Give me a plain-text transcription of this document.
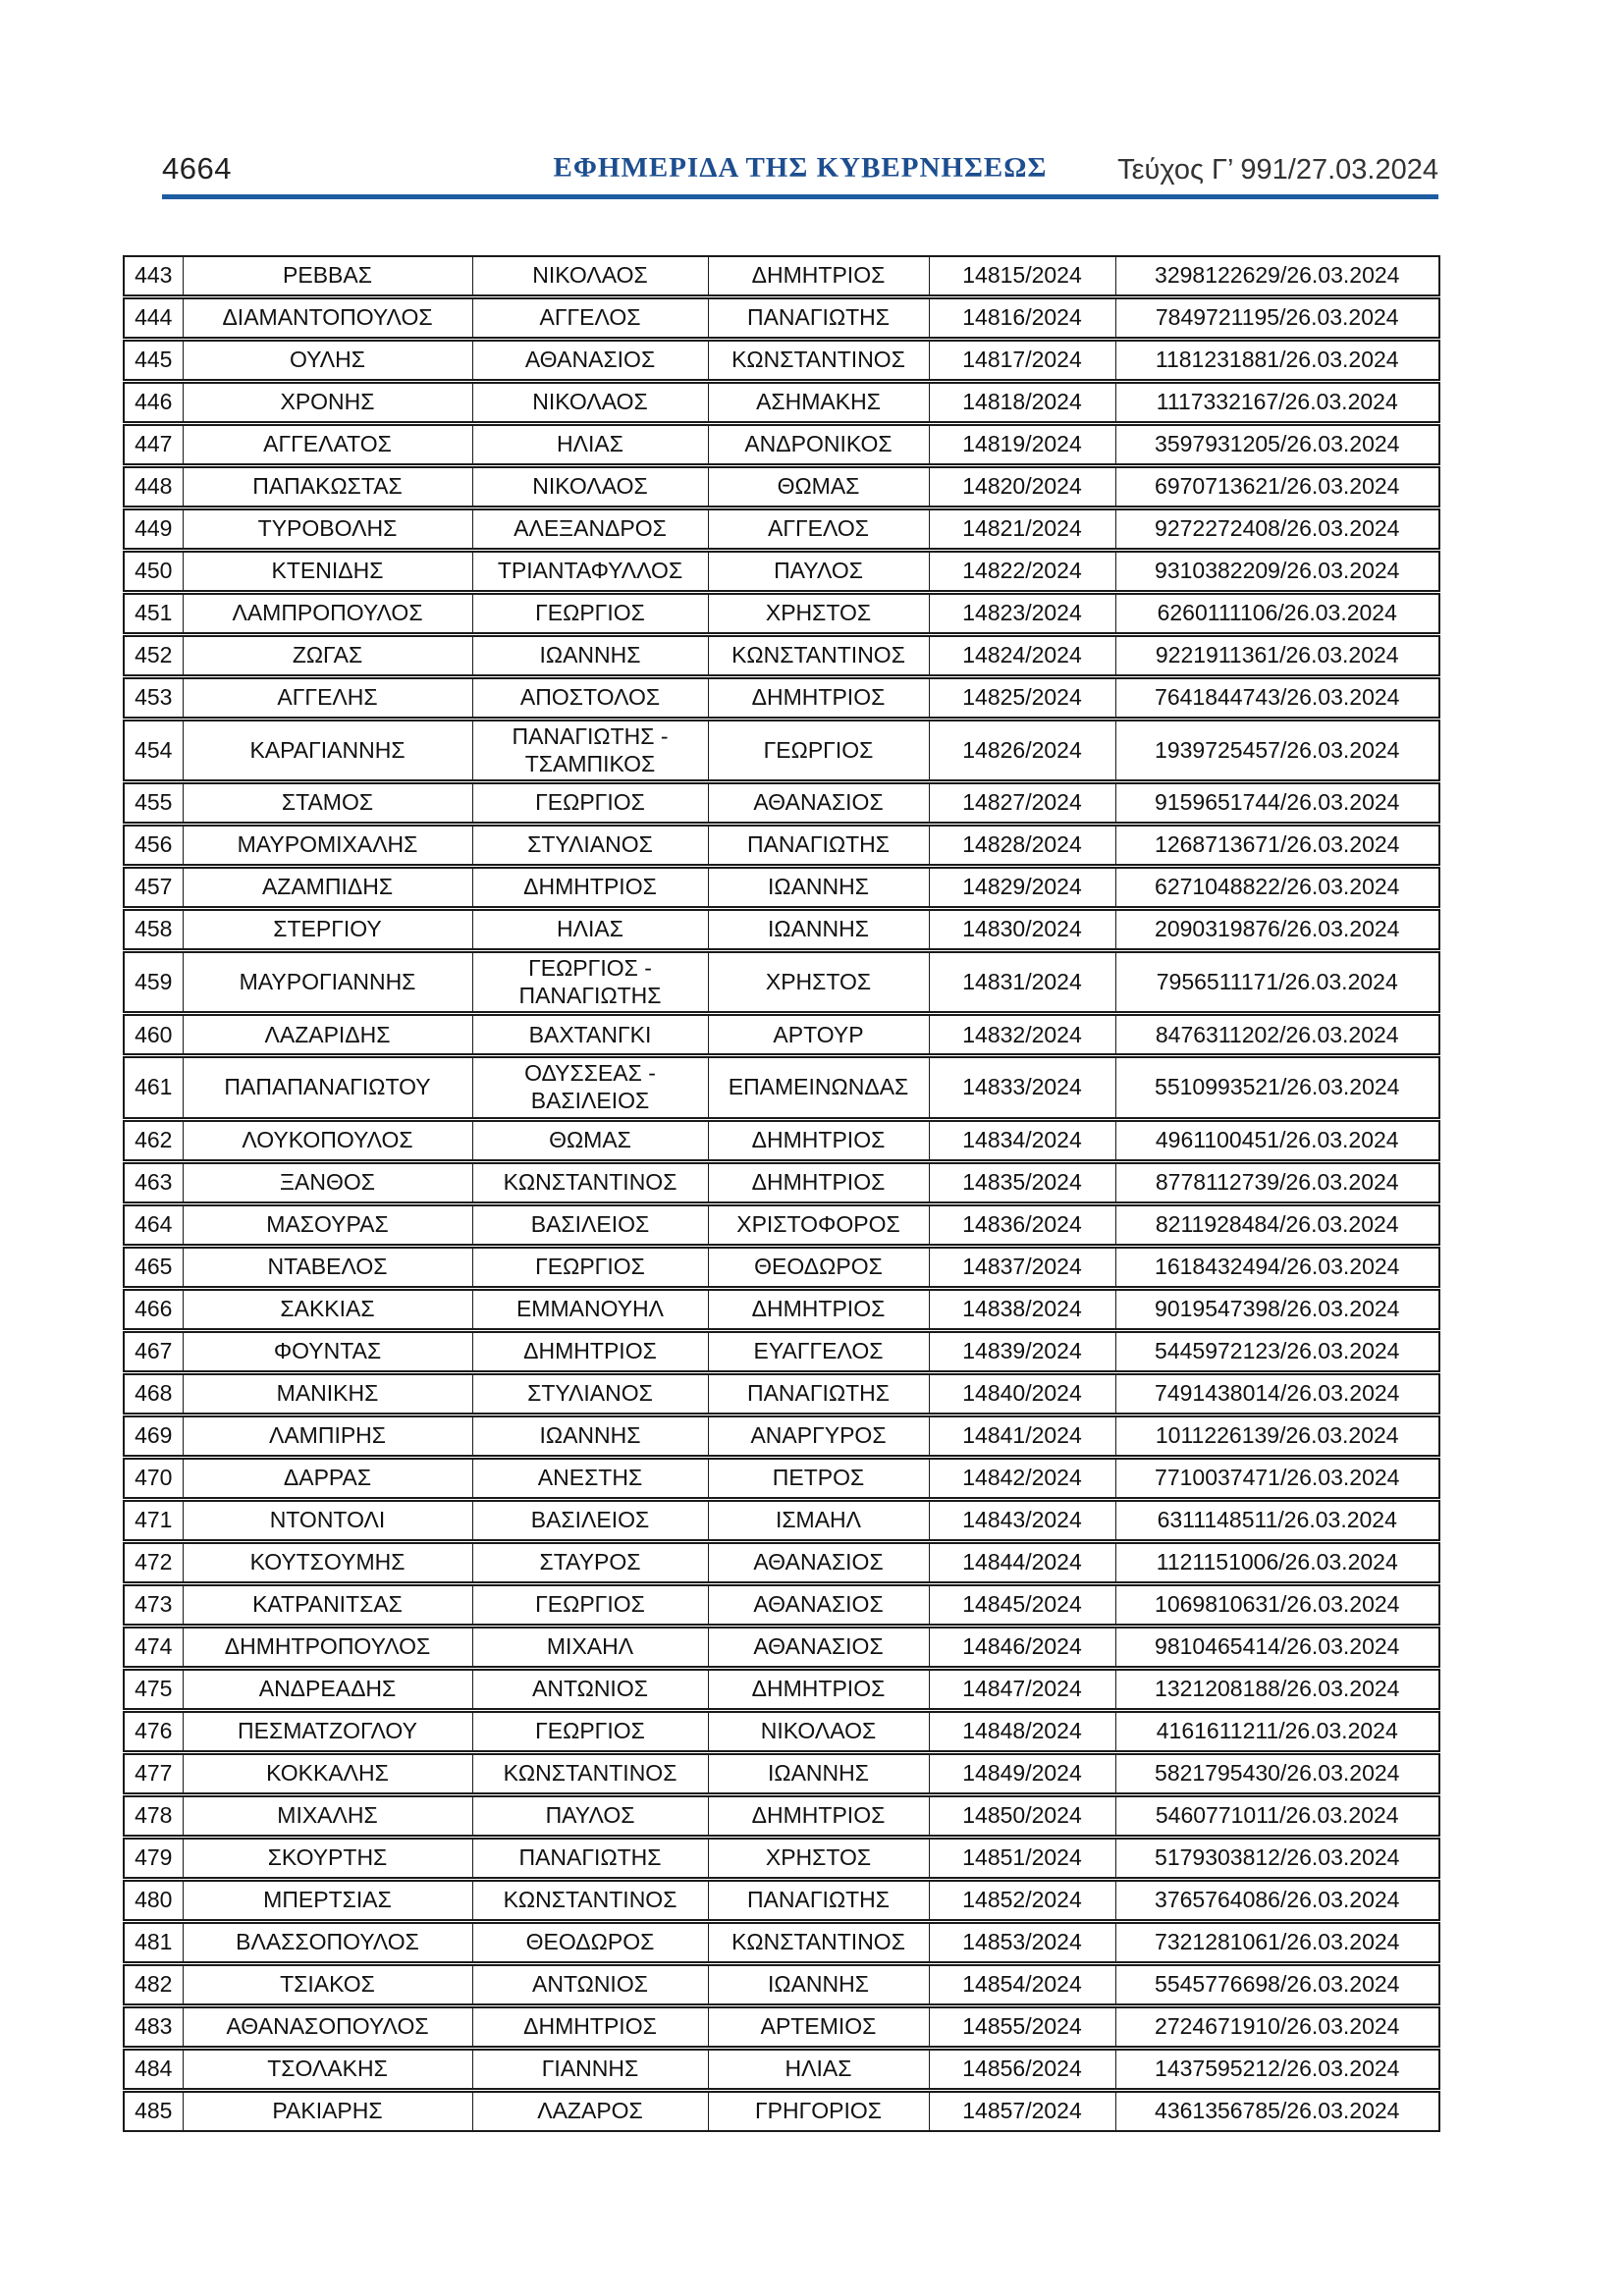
4664	ΕΦΗΜΕΡΙΔΑ ΤΗΣ ΚΥΒΕΡΝΗΣΕΩΣ	Τεύχος Γ’ 991/27.03.2024
443	ΡΕΒΒΑΣ	ΝΙΚΟΛΑΟΣ	ΔΗΜΗΤΡΙΟΣ	14815/2024	3298122629/26.03.2024
444	ΔΙΑΜΑΝΤΟΠΟΥΛΟΣ	ΑΓΓΕΛΟΣ	ΠΑΝΑΓΙΩΤΗΣ	14816/2024	7849721195/26.03.2024
445	ΟΥΛΗΣ	ΑΘΑΝΑΣΙΟΣ	ΚΩΝΣΤΑΝΤΙΝΟΣ	14817/2024	1181231881/26.03.2024
446	ΧΡΟΝΗΣ	ΝΙΚΟΛΑΟΣ	ΑΣΗΜΑΚΗΣ	14818/2024	1117332167/26.03.2024
447	ΑΓΓΕΛΑΤΟΣ	ΗΛΙΑΣ	ΑΝΔΡΟΝΙΚΟΣ	14819/2024	3597931205/26.03.2024
448	ΠΑΠΑΚΩΣΤΑΣ	ΝΙΚΟΛΑΟΣ	ΘΩΜΑΣ	14820/2024	6970713621/26.03.2024
449	ΤΥΡΟΒΟΛΗΣ	ΑΛΕΞΑΝΔΡΟΣ	ΑΓΓΕΛΟΣ	14821/2024	9272272408/26.03.2024
450	ΚΤΕΝΙΔΗΣ	ΤΡΙΑΝΤΑΦΥΛΛΟΣ	ΠΑΥΛΟΣ	14822/2024	9310382209/26.03.2024
451	ΛΑΜΠΡΟΠΟΥΛΟΣ	ΓΕΩΡΓΙΟΣ	ΧΡΗΣΤΟΣ	14823/2024	6260111106/26.03.2024
452	ΖΩΓΑΣ	ΙΩΑΝΝΗΣ	ΚΩΝΣΤΑΝΤΙΝΟΣ	14824/2024	9221911361/26.03.2024
453	ΑΓΓΕΛΗΣ	ΑΠΟΣΤΟΛΟΣ	ΔΗΜΗΤΡΙΟΣ	14825/2024	7641844743/26.03.2024
454	ΚΑΡΑΓΙΑΝΝΗΣ	ΠΑΝΑΓΙΩΤΗΣ - ΤΣΑΜΠΙΚΟΣ	ΓΕΩΡΓΙΟΣ	14826/2024	1939725457/26.03.2024
455	ΣΤΑΜΟΣ	ΓΕΩΡΓΙΟΣ	ΑΘΑΝΑΣΙΟΣ	14827/2024	9159651744/26.03.2024
456	ΜΑΥΡΟΜΙΧΑΛΗΣ	ΣΤΥΛΙΑΝΟΣ	ΠΑΝΑΓΙΩΤΗΣ	14828/2024	1268713671/26.03.2024
457	ΑΖΑΜΠΙΔΗΣ	ΔΗΜΗΤΡΙΟΣ	ΙΩΑΝΝΗΣ	14829/2024	6271048822/26.03.2024
458	ΣΤΕΡΓΙΟΥ	ΗΛΙΑΣ	ΙΩΑΝΝΗΣ	14830/2024	2090319876/26.03.2024
459	ΜΑΥΡΟΓΙΑΝΝΗΣ	ΓΕΩΡΓΙΟΣ - ΠΑΝΑΓΙΩΤΗΣ	ΧΡΗΣΤΟΣ	14831/2024	7956511171/26.03.2024
460	ΛΑΖΑΡΙΔΗΣ	ΒΑΧΤΑΝΓΚΙ	ΑΡΤΟΥΡ	14832/2024	8476311202/26.03.2024
461	ΠΑΠΑΠΑΝΑΓΙΩΤΟΥ	ΟΔΥΣΣΕΑΣ - ΒΑΣΙΛΕΙΟΣ	ΕΠΑΜΕΙΝΩΝΔΑΣ	14833/2024	5510993521/26.03.2024
462	ΛΟΥΚΟΠΟΥΛΟΣ	ΘΩΜΑΣ	ΔΗΜΗΤΡΙΟΣ	14834/2024	4961100451/26.03.2024
463	ΞΑΝΘΟΣ	ΚΩΝΣΤΑΝΤΙΝΟΣ	ΔΗΜΗΤΡΙΟΣ	14835/2024	8778112739/26.03.2024
464	ΜΑΣΟΥΡΑΣ	ΒΑΣΙΛΕΙΟΣ	ΧΡΙΣΤΟΦΟΡΟΣ	14836/2024	8211928484/26.03.2024
465	ΝΤΑΒΕΛΟΣ	ΓΕΩΡΓΙΟΣ	ΘΕΟΔΩΡΟΣ	14837/2024	1618432494/26.03.2024
466	ΣΑΚΚΙΑΣ	ΕΜΜΑΝΟΥΗΛ	ΔΗΜΗΤΡΙΟΣ	14838/2024	9019547398/26.03.2024
467	ΦΟΥΝΤΑΣ	ΔΗΜΗΤΡΙΟΣ	ΕΥΑΓΓΕΛΟΣ	14839/2024	5445972123/26.03.2024
468	ΜΑΝΙΚΗΣ	ΣΤΥΛΙΑΝΟΣ	ΠΑΝΑΓΙΩΤΗΣ	14840/2024	7491438014/26.03.2024
469	ΛΑΜΠΙΡΗΣ	ΙΩΑΝΝΗΣ	ΑΝΑΡΓΥΡΟΣ	14841/2024	1011226139/26.03.2024
470	ΔΑΡΡΑΣ	ΑΝΕΣΤΗΣ	ΠΕΤΡΟΣ	14842/2024	7710037471/26.03.2024
471	ΝΤΟΝΤΟΛΙ	ΒΑΣΙΛΕΙΟΣ	ΙΣΜΑΗΛ	14843/2024	6311148511/26.03.2024
472	ΚΟΥΤΣΟΥΜΗΣ	ΣΤΑΥΡΟΣ	ΑΘΑΝΑΣΙΟΣ	14844/2024	1121151006/26.03.2024
473	ΚΑΤΡΑΝΙΤΣΑΣ	ΓΕΩΡΓΙΟΣ	ΑΘΑΝΑΣΙΟΣ	14845/2024	1069810631/26.03.2024
474	ΔΗΜΗΤΡΟΠΟΥΛΟΣ	ΜΙΧΑΗΛ	ΑΘΑΝΑΣΙΟΣ	14846/2024	9810465414/26.03.2024
475	ΑΝΔΡΕΑΔΗΣ	ΑΝΤΩΝΙΟΣ	ΔΗΜΗΤΡΙΟΣ	14847/2024	1321208188/26.03.2024
476	ΠΕΣΜΑΤΖΟΓΛΟΥ	ΓΕΩΡΓΙΟΣ	ΝΙΚΟΛΑΟΣ	14848/2024	4161611211/26.03.2024
477	ΚΟΚΚΑΛΗΣ	ΚΩΝΣΤΑΝΤΙΝΟΣ	ΙΩΑΝΝΗΣ	14849/2024	5821795430/26.03.2024
478	ΜΙΧΑΛΗΣ	ΠΑΥΛΟΣ	ΔΗΜΗΤΡΙΟΣ	14850/2024	5460771011/26.03.2024
479	ΣΚΟΥΡΤΗΣ	ΠΑΝΑΓΙΩΤΗΣ	ΧΡΗΣΤΟΣ	14851/2024	5179303812/26.03.2024
480	ΜΠΕΡΤΣΙΑΣ	ΚΩΝΣΤΑΝΤΙΝΟΣ	ΠΑΝΑΓΙΩΤΗΣ	14852/2024	3765764086/26.03.2024
481	ΒΛΑΣΣΟΠΟΥΛΟΣ	ΘΕΟΔΩΡΟΣ	ΚΩΝΣΤΑΝΤΙΝΟΣ	14853/2024	7321281061/26.03.2024
482	ΤΣΙΑΚΟΣ	ΑΝΤΩΝΙΟΣ	ΙΩΑΝΝΗΣ	14854/2024	5545776698/26.03.2024
483	ΑΘΑΝΑΣΟΠΟΥΛΟΣ	ΔΗΜΗΤΡΙΟΣ	ΑΡΤΕΜΙΟΣ	14855/2024	2724671910/26.03.2024
484	ΤΣΟΛΑΚΗΣ	ΓΙΑΝΝΗΣ	ΗΛΙΑΣ	14856/2024	1437595212/26.03.2024
485	ΡΑΚΙΑΡΗΣ	ΛΑΖΑΡΟΣ	ΓΡΗΓΟΡΙΟΣ	14857/2024	4361356785/26.03.2024
